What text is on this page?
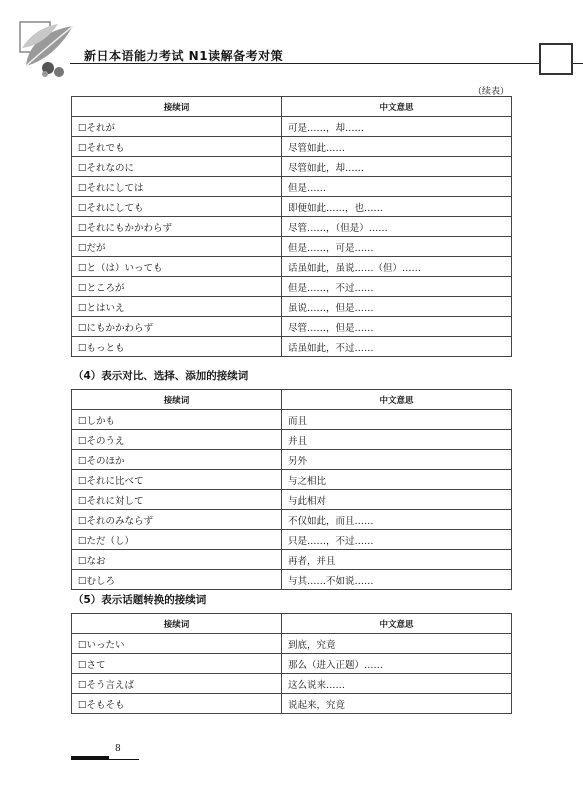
新日本语能力考试 N1读解备考对策
（续表）
接续词	中文意思
☐それが	可是……，却……
☐それでも	尽管如此……
☐それなのに	尽管如此，却……
☐それにしては	但是……
☐それにしても	即便如此……，也……
☐それにもかかわらず	尽管……，（但是）……
☐だが	但是……，可是……
☐と（は）いっても	话虽如此，虽说……（但）……
☐ところが	但是……，不过……
☐とはいえ	虽说……，但是……
☐にもかかわらず	尽管……，但是……
☐もっとも	话虽如此，不过……
（4）表示对比、选择、添加的接续词
接续词	中文意思
☐しかも	而且
☐そのうえ	并且
☐そのほか	另外
☐それに比べて	与之相比
☐それに対して	与此相对
☐それのみならず	不仅如此，而且……
☐ただ（し）	只是……，不过……
☐なお	再者，并且
☐むしろ	与其……不如说……
（5）表示话题转换的接续词
接续词	中文意思
☐いったい	到底，究竟
☐さて	那么（进入正题）……
☐そう言えば	这么说来……
☐そもそも	说起来，究竟
8
